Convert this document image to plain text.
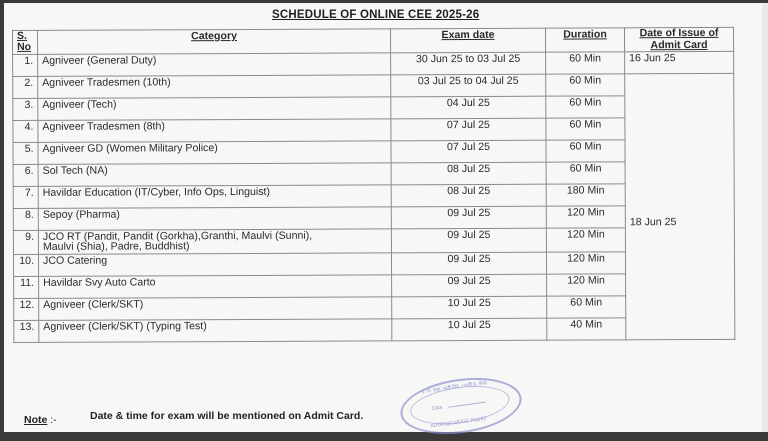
SCHEDULE OF ONLINE CEE 2025-26
S.
No	Category	Exam date	Duration	Date of Issue of
Admit Card
1.	Agniveer (General Duty)	30 Jun 25 to 03 Jul 25	60 Min	16 Jun 25
2.	Agniveer Tradesmen (10th)	03 Jul 25 to 04 Jul 25	60 Min	18 Jun 25

3.	Agniveer (Tech)	04 Jul 25	60 Min	
4.	Agniveer Tradesmen (8th)	07 Jul 25	60 Min	
5.	Agniveer GD (Women Military Police)	07 Jul 25	60 Min	
6.	Sol Tech (NA)	08 Jul 25	60 Min	
7.	Havildar Education (IT/Cyber, Info Ops, Linguist)	08 Jul 25	180 Min	
8.	Sepoy (Pharma)	09 Jul 25	120 Min	
9.	JCO RT (Pandit, Pandit (Gorkha),Granthi, Maulvi (Sunni),
Maulvi (Shia), Padre, Buddhist)	09 Jul 25	120 Min	
10.	JCO Catering	09 Jul 25	120 Min	
11.	Havildar Svy Auto Carto	09 Jul 25	120 Min	
12.	Agniveer (Clerk/SKT)	10 Jul 25	60 Min	
13.	Agniveer (Clerk/SKT) (Typing Test)	10 Jul 25	40 Min	
द. ले. सहा. भर्ती निदे. / भर्ती प्र. केन्द्र
Date
ADGRtg(Cell)/GC RtgHQ
Note :-	Date & time for exam will be mentioned on Admit Card.
